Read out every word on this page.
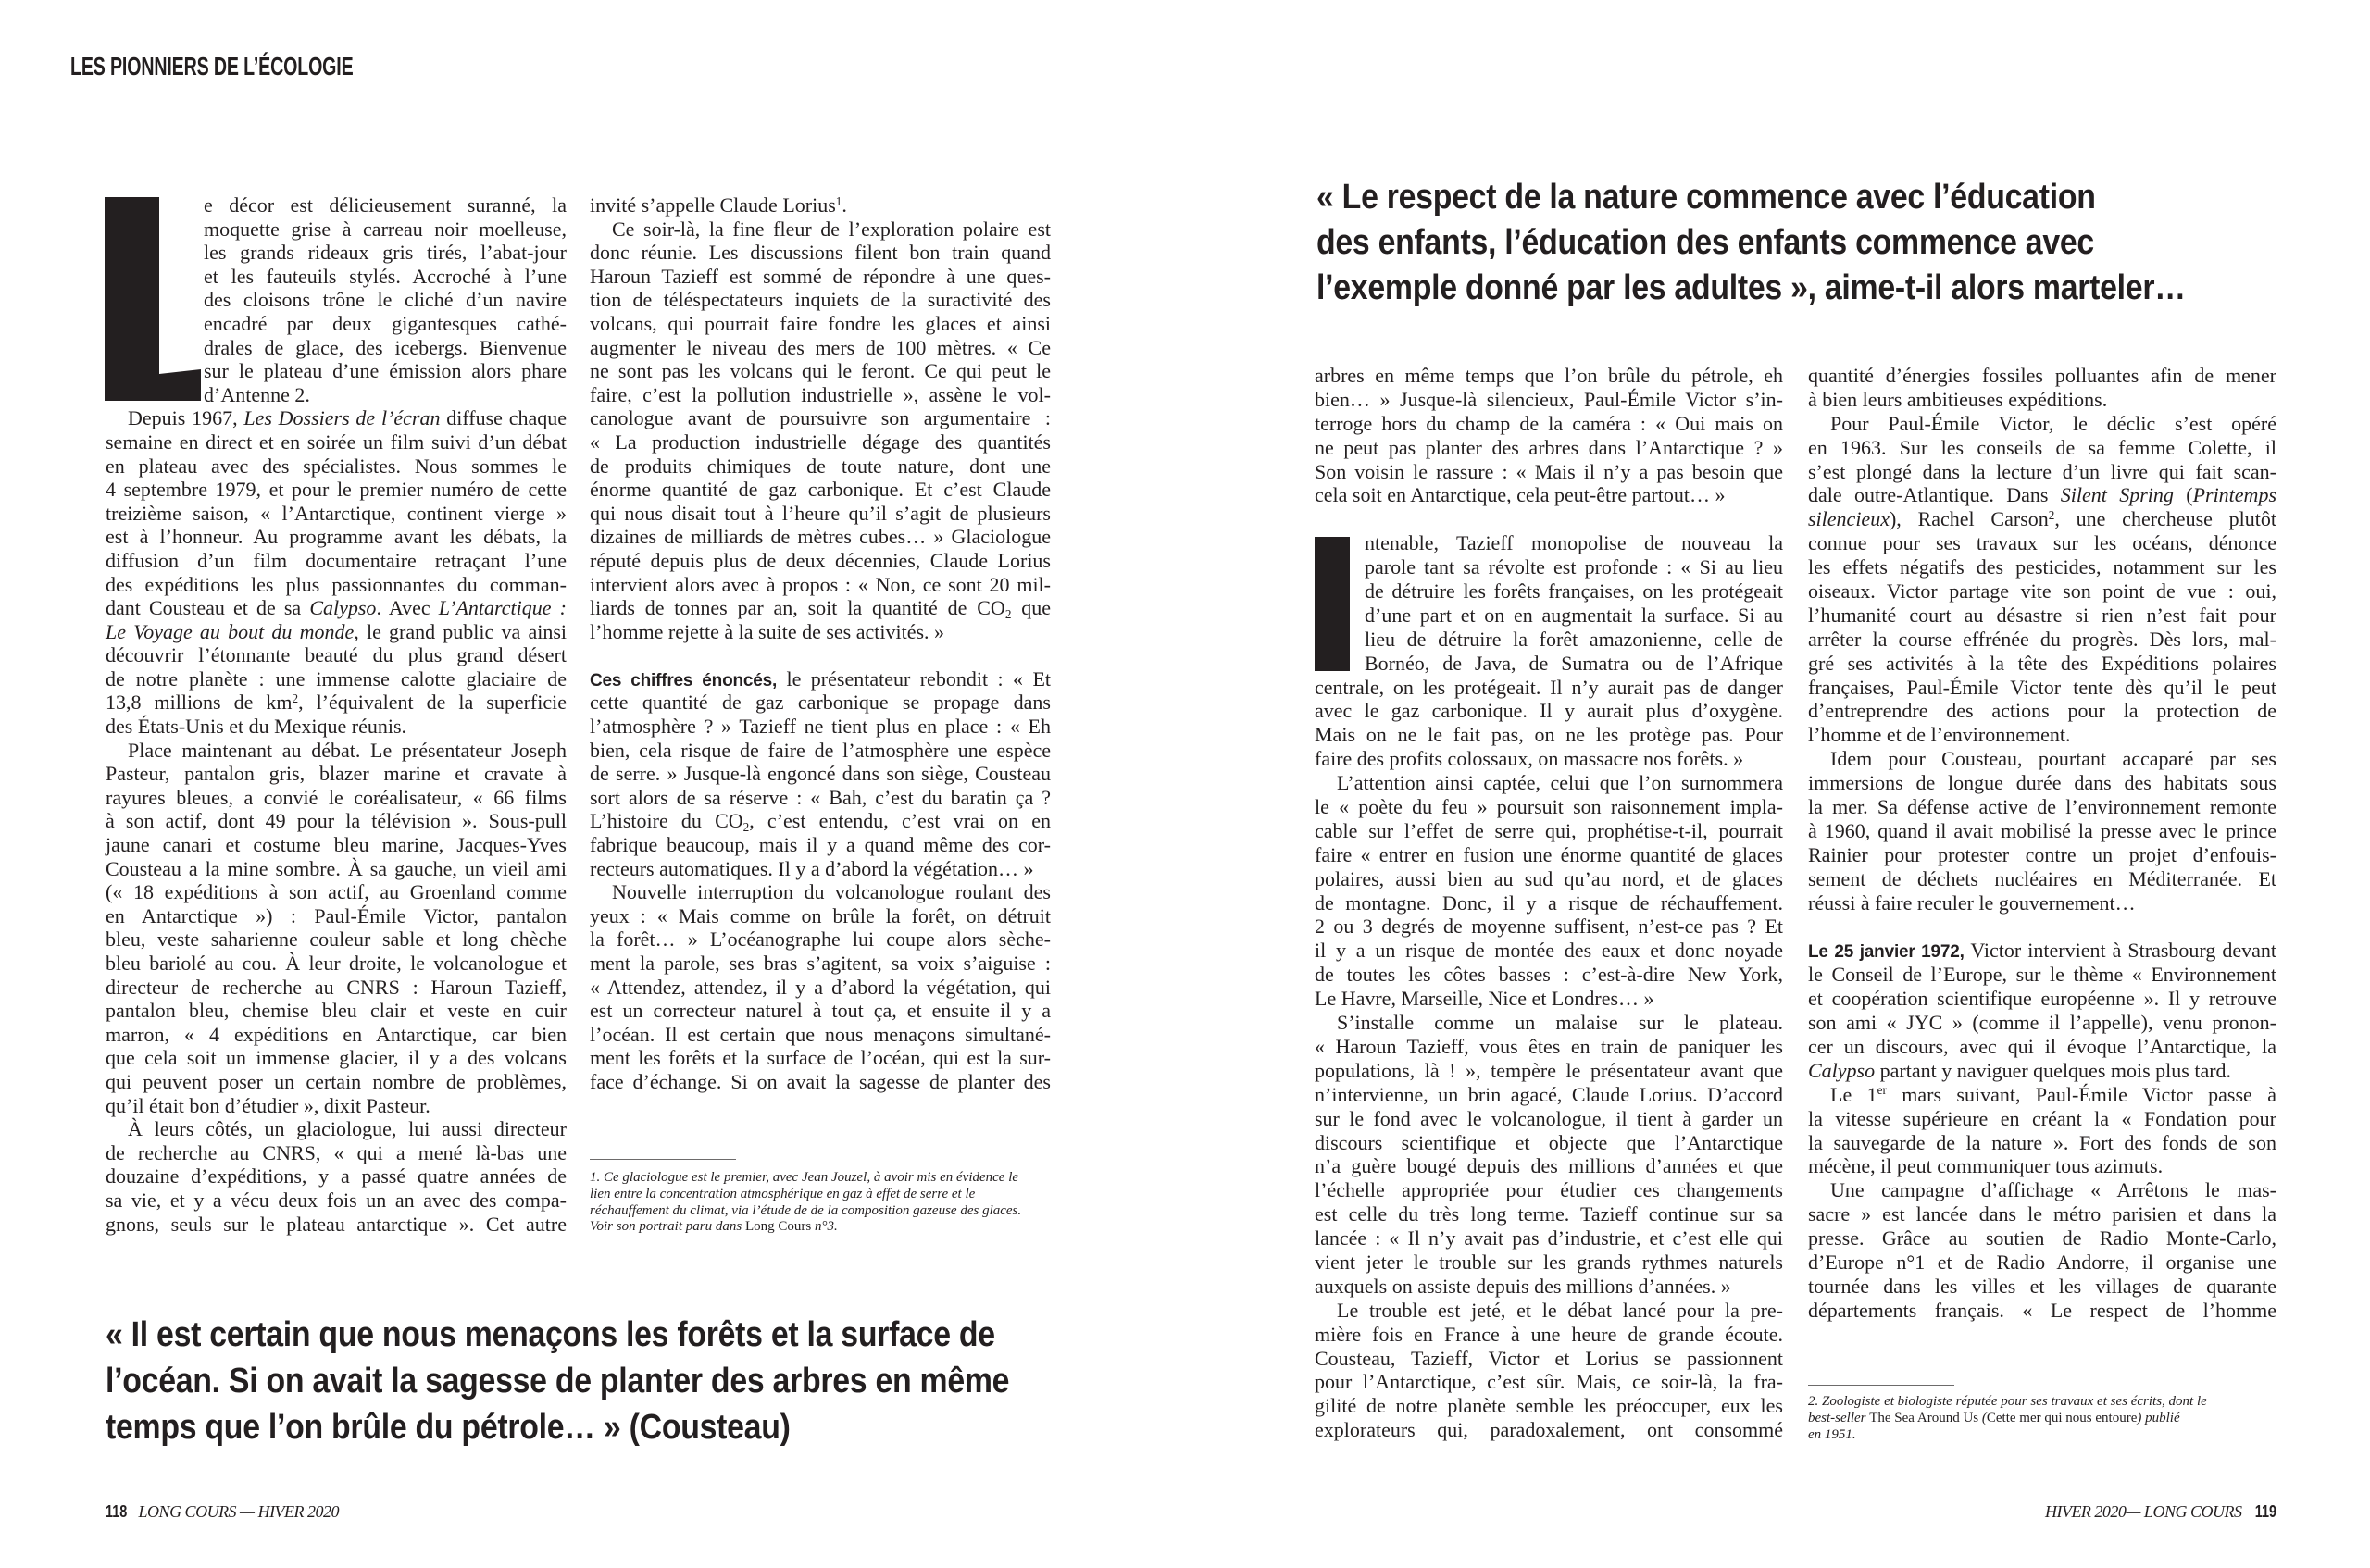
LES PIONNIERS DE L’ÉCOLOGIE
e décor est délicieusement suranné, la
moquette grise à carreau noir moelleuse,
les grands rideaux gris tirés, l’abat-jour
et les fauteuils stylés. Accroché à l’une
des cloisons trône le cliché d’un navire
encadré par deux gigantesques cathé-
drales de glace, des icebergs. Bienvenue
sur le plateau d’une émission alors phare
d’Antenne 2.
Depuis 1967, Les Dossiers de l’écran diffuse chaque
semaine en direct et en soirée un film suivi d’un débat
en plateau avec des spécialistes. Nous sommes le
4 septembre 1979, et pour le premier numéro de cette
treizième saison, « l’Antarctique, continent vierge »
est à l’honneur. Au programme avant les débats, la
diffusion d’un film documentaire retraçant l’une
des expéditions les plus passionnantes du comman-
dant Cousteau et de sa Calypso. Avec L’Antarctique :
Le Voyage au bout du monde, le grand public va ainsi
découvrir l’étonnante beauté du plus grand désert
de notre planète : une immense calotte glaciaire de
13,8 millions de $km^2$, l’équivalent de la superficie
des États-Unis et du Mexique réunis.
Place maintenant au débat. Le présentateur Joseph
Pasteur, pantalon gris, blazer marine et cravate à
rayures bleues, a convié le coréalisateur, « 66 films
à son actif, dont 49 pour la télévision ». Sous-pull
jaune canari et costume bleu marine, Jacques-Yves
Cousteau a la mine sombre. À sa gauche, un vieil ami
(« 18 expéditions à son actif, au Groenland comme
en Antarctique ») : Paul-Émile Victor, pantalon
bleu, veste saharienne couleur sable et long chèche
bleu bariolé au cou. À leur droite, le volcanologue et
directeur de recherche au CNRS : Haroun Tazieff,
pantalon bleu, chemise bleu clair et veste en cuir
marron, « 4 expéditions en Antarctique, car bien
que cela soit un immense glacier, il y a des volcans
qui peuvent poser un certain nombre de problèmes,
qu’il était bon d’étudier », dixit Pasteur.
À leurs côtés, un glaciologue, lui aussi directeur
de recherche au CNRS, « qui a mené là-bas une
douzaine d’expéditions, y a passé quatre années de
sa vie, et y a vécu deux fois un an avec des compa-
gnons, seuls sur le plateau antarctique ». Cet autre
invité s’appelle Claude Lorius$^1$.
Ce soir-là, la fine fleur de l’exploration polaire est
donc réunie. Les discussions filent bon train quand
Haroun Tazieff est sommé de répondre à une ques-
tion de téléspectateurs inquiets de la suractivité des
volcans, qui pourrait faire fondre les glaces et ainsi
augmenter le niveau des mers de 100 mètres. « Ce
ne sont pas les volcans qui le feront. Ce qui peut le
faire, c’est la pollution industrielle », assène le vol-
canologue avant de poursuivre son argumentaire :
« La production industrielle dégage des quantités
de produits chimiques de toute nature, dont une
énorme quantité de gaz carbonique. Et c’est Claude
qui nous disait tout à l’heure qu’il s’agit de plusieurs
dizaines de milliards de mètres cubes… » Glaciologue
réputé depuis plus de deux décennies, Claude Lorius
intervient alors avec à propos : « Non, ce sont 20 mil-
liards de tonnes par an, soit la quantité de CO2 que
l’homme rejette à la suite de ses activités. »
Ces chiffres énoncés, le présentateur rebondit : « Et
cette quantité de gaz carbonique se propage dans
l’atmosphère ? » Tazieff ne tient plus en place : « Eh
bien, cela risque de faire de l’atmosphère une espèce
de serre. » Jusque-là engoncé dans son siège, Cousteau
sort alors de sa réserve : « Bah, c’est du baratin ça ?
L’histoire du CO2, c’est entendu, c’est vrai on en
fabrique beaucoup, mais il y a quand même des cor-
recteurs automatiques. Il y a d’abord la végétation… »
Nouvelle interruption du volcanologue roulant des
yeux : « Mais comme on brûle la forêt, on détruit
la forêt… » L’océanographe lui coupe alors sèche-
ment la parole, ses bras s’agitent, sa voix s’aiguise :
« Attendez, attendez, il y a d’abord la végétation, qui
est un correcteur naturel à tout ça, et ensuite il y a
l’océan. Il est certain que nous menaçons simultané-
ment les forêts et la surface de l’océan, qui est la sur-
face d’échange. Si on avait la sagesse de planter des
1. Ce glaciologue est le premier, avec Jean Jouzel, à avoir mis en évidence le
lien entre la concentration atmosphérique en gaz à effet de serre et le
réchauffement du climat, via l’étude de de la composition gazeuse des glaces.
Voir son portrait paru dans Long Cours n°3.
« Il est certain que nous menaçons les forêts et la surface de
l’océan. Si on avait la sagesse de planter des arbres en même
temps que l’on brûle du pétrole… » (Cousteau)
118 LONG COURS — HIVER 2020
« Le respect de la nature commence avec l’éducation
des enfants, l’éducation des enfants commence avec
l’exemple donné par les adultes », aime-t-il alors marteler…
arbres en même temps que l’on brûle du pétrole, eh
bien… » Jusque-là silencieux, Paul-Émile Victor s’in-
terroge hors du champ de la caméra : « Oui mais on
ne peut pas planter des arbres dans l’Antarctique ? »
Son voisin le rassure : « Mais il n’y a pas besoin que
cela soit en Antarctique, cela peut-être partout… »
ntenable, Tazieff monopolise de nouveau la
parole tant sa révolte est profonde : « Si au lieu
de détruire les forêts françaises, on les protégeait
d’une part et on en augmentait la surface. Si au
lieu de détruire la forêt amazonienne, celle de
Bornéo, de Java, de Sumatra ou de l’Afrique
centrale, on les protégeait. Il n’y aurait pas de danger
avec le gaz carbonique. Il y aurait plus d’oxygène.
Mais on ne le fait pas, on ne les protège pas. Pour
faire des profits colossaux, on massacre nos forêts. »
L’attention ainsi captée, celui que l’on surnommera
le « poète du feu » poursuit son raisonnement impla-
cable sur l’effet de serre qui, prophétise-t-il, pourrait
faire « entrer en fusion une énorme quantité de glaces
polaires, aussi bien au sud qu’au nord, et de glaces
de montagne. Donc, il y a risque de réchauffement.
2 ou 3 degrés de moyenne suffisent, n’est-ce pas ? Et
il y a un risque de montée des eaux et donc noyade
de toutes les côtes basses : c’est-à-dire New York,
Le Havre, Marseille, Nice et Londres… »
S’installe comme un malaise sur le plateau.
« Haroun Tazieff, vous êtes en train de paniquer les
populations, là ! », tempère le présentateur avant que
n’intervienne, un brin agacé, Claude Lorius. D’accord
sur le fond avec le volcanologue, il tient à garder un
discours scientifique et objecte que l’Antarctique
n’a guère bougé depuis des millions d’années et que
l’échelle appropriée pour étudier ces changements
est celle du très long terme. Tazieff continue sur sa
lancée : « Il n’y avait pas d’industrie, et c’est elle qui
vient jeter le trouble sur les grands rythmes naturels
auxquels on assiste depuis des millions d’années. »
Le trouble est jeté, et le débat lancé pour la pre-
mière fois en France à une heure de grande écoute.
Cousteau, Tazieff, Victor et Lorius se passionnent
pour l’Antarctique, c’est sûr. Mais, ce soir-là, la fra-
gilité de notre planète semble les préoccuper, eux les
explorateurs qui, paradoxalement, ont consommé
quantité d’énergies fossiles polluantes afin de mener
à bien leurs ambitieuses expéditions.
Pour Paul-Émile Victor, le déclic s’est opéré
en 1963. Sur les conseils de sa femme Colette, il
s’est plongé dans la lecture d’un livre qui fait scan-
dale outre-Atlantique. Dans Silent Spring (Printemps
silencieux), Rachel Carson$^2$, une chercheuse plutôt
connue pour ses travaux sur les océans, dénonce
les effets négatifs des pesticides, notamment sur les
oiseaux. Victor partage vite son point de vue : oui,
l’humanité court au désastre si rien n’est fait pour
arrêter la course effrénée du progrès. Dès lors, mal-
gré ses activités à la tête des Expéditions polaires
françaises, Paul-Émile Victor tente dès qu’il le peut
d’entreprendre des actions pour la protection de
l’homme et de l’environnement.
Idem pour Cousteau, pourtant accaparé par ses
immersions de longue durée dans des habitats sous
la mer. Sa défense active de l’environnement remonte
à 1960, quand il avait mobilisé la presse avec le prince
Rainier pour protester contre un projet d’enfouis-
sement de déchets nucléaires en Méditerranée. Et
réussi à faire reculer le gouvernement…
Le 25 janvier 1972, Victor intervient à Strasbourg devant
le Conseil de l’Europe, sur le thème « Environnement
et coopération scientifique européenne ». Il y retrouve
son ami « JYC » (comme il l’appelle), venu pronon-
cer un discours, avec qui il évoque l’Antarctique, la
Calypso partant y naviguer quelques mois plus tard.
Le 1er mars suivant, Paul-Émile Victor passe à
la vitesse supérieure en créant la « Fondation pour
la sauvegarde de la nature ». Fort des fonds de son
mécène, il peut communiquer tous azimuts.
Une campagne d’affichage « Arrêtons le mas-
sacre » est lancée dans le métro parisien et dans la
presse. Grâce au soutien de Radio Monte-Carlo,
d’Europe n°1 et de Radio Andorre, il organise une
tournée dans les villes et les villages de quarante
départements français. « Le respect de l’homme
2. Zoologiste et biologiste réputée pour ses travaux et ses écrits, dont le
best-seller The Sea Around Us (Cette mer qui nous entoure) publié
en 1951.
HIVER 2020— LONG COURS 119
